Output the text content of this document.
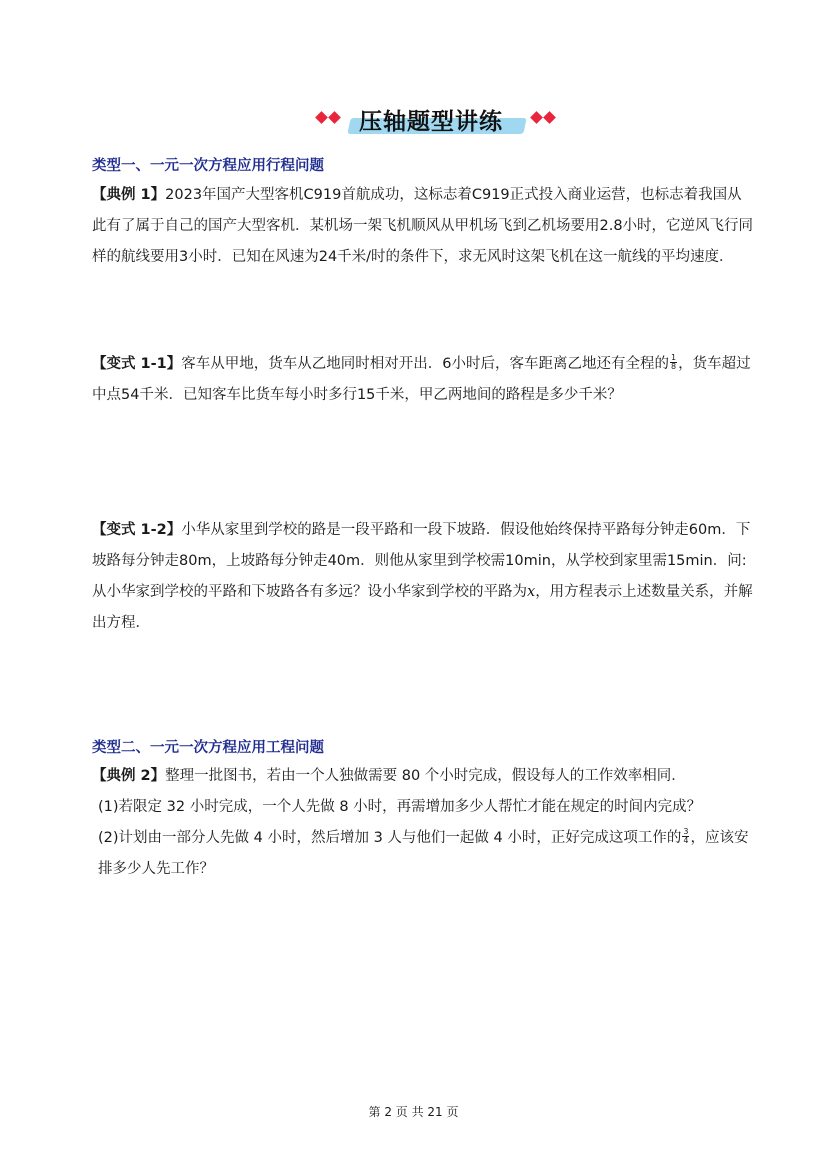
压轴题型讲练
类型一、一元一次方程应用行程问题
【典例 1】2023年国产大型客机C919首航成功，这标志着C919正式投入商业运营，也标志着我国从此有了属于自己的国产大型客机．某机场一架飞机顺风从甲机场飞到乙机场要用2.8小时，它逆风飞行同样的航线要用3小时．已知在风速为24千米/时的条件下，求无风时这架飞机在这一航线的平均速度．
【变式 1-1】客车从甲地，货车从乙地同时相对开出．6小时后，客车距离乙地还有全程的 $\frac{1}{8}$ ，货车超过中点54千米．已知客车比货车每小时多行15千米，甲乙两地间的路程是多少千米？
【变式 1-2】小华从家里到学校的路是一段平路和一段下坡路．假设他始终保持平路每分钟走60m．下坡路每分钟走80m，上坡路每分钟走40m．则他从家里到学校需10min，从学校到家里需15min．问: 从小华家到学校的平路和下坡路各有多远？设小华家到学校的平路为x，用方程表示上述数量关系，并解出方程．
类型二、一元一次方程应用工程问题
【典例 2】整理一批图书，若由一个人独做需要 80 个小时完成，假设每人的工作效率相同．
(1)若限定 32 小时完成，一个人先做 8 小时，再需增加多少人帮忙才能在规定的时间内完成？
(2)计划由一部分人先做 4 小时，然后增加 3 人与他们一起做 4 小时，正好完成这项工作的 $\frac{3}{4}$ ，应该安排多少人先工作？
第 2 页 共 21 页
